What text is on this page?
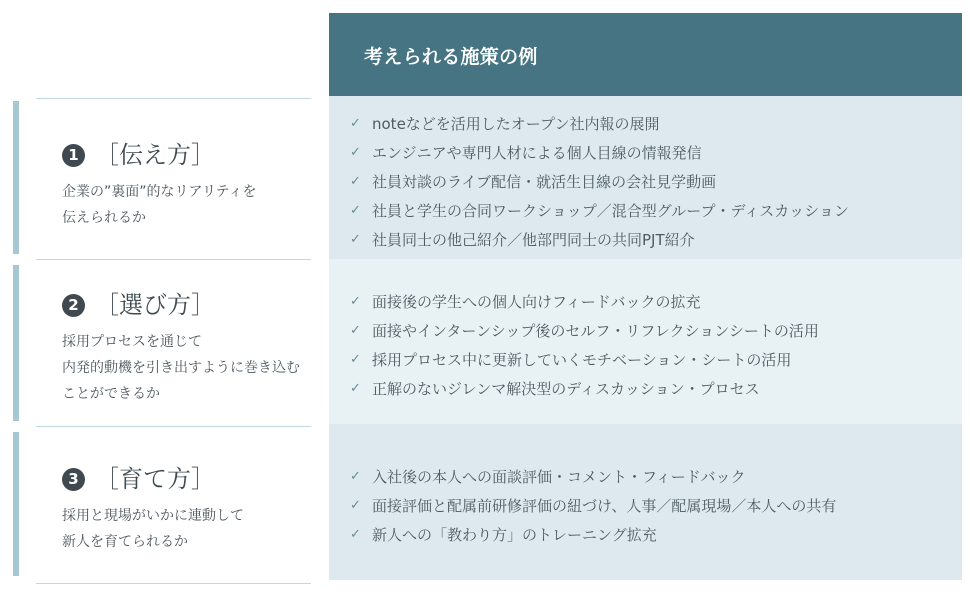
考えられる施策の例
1 ［伝え方］
企業の”裏面”的なリアリティを
伝えられるか
✓ noteなどを活用したオープン社内報の展開
✓ エンジニアや専門人材による個人目線の情報発信
✓ 社員対談のライブ配信・就活生目線の会社見学動画
✓ 社員と学生の合同ワークショップ／混合型グループ・ディスカッション
✓ 社員同士の他己紹介／他部門同士の共同PJT紹介
2 ［選び方］
採用プロセスを通じて
内発的動機を引き出すように巻き込む
ことができるか
✓ 面接後の学生への個人向けフィードバックの拡充
✓ 面接やインターンシップ後のセルフ・リフレクションシートの活用
✓ 採用プロセス中に更新していくモチベーション・シートの活用
✓ 正解のないジレンマ解決型のディスカッション・プロセス
3 ［育て方］
採用と現場がいかに連動して
新人を育てられるか
✓ 入社後の本人への面談評価・コメント・フィードバック
✓ 面接評価と配属前研修評価の紐づけ、人事／配属現場／本人への共有
✓ 新人への「教わり方」のトレーニング拡充
